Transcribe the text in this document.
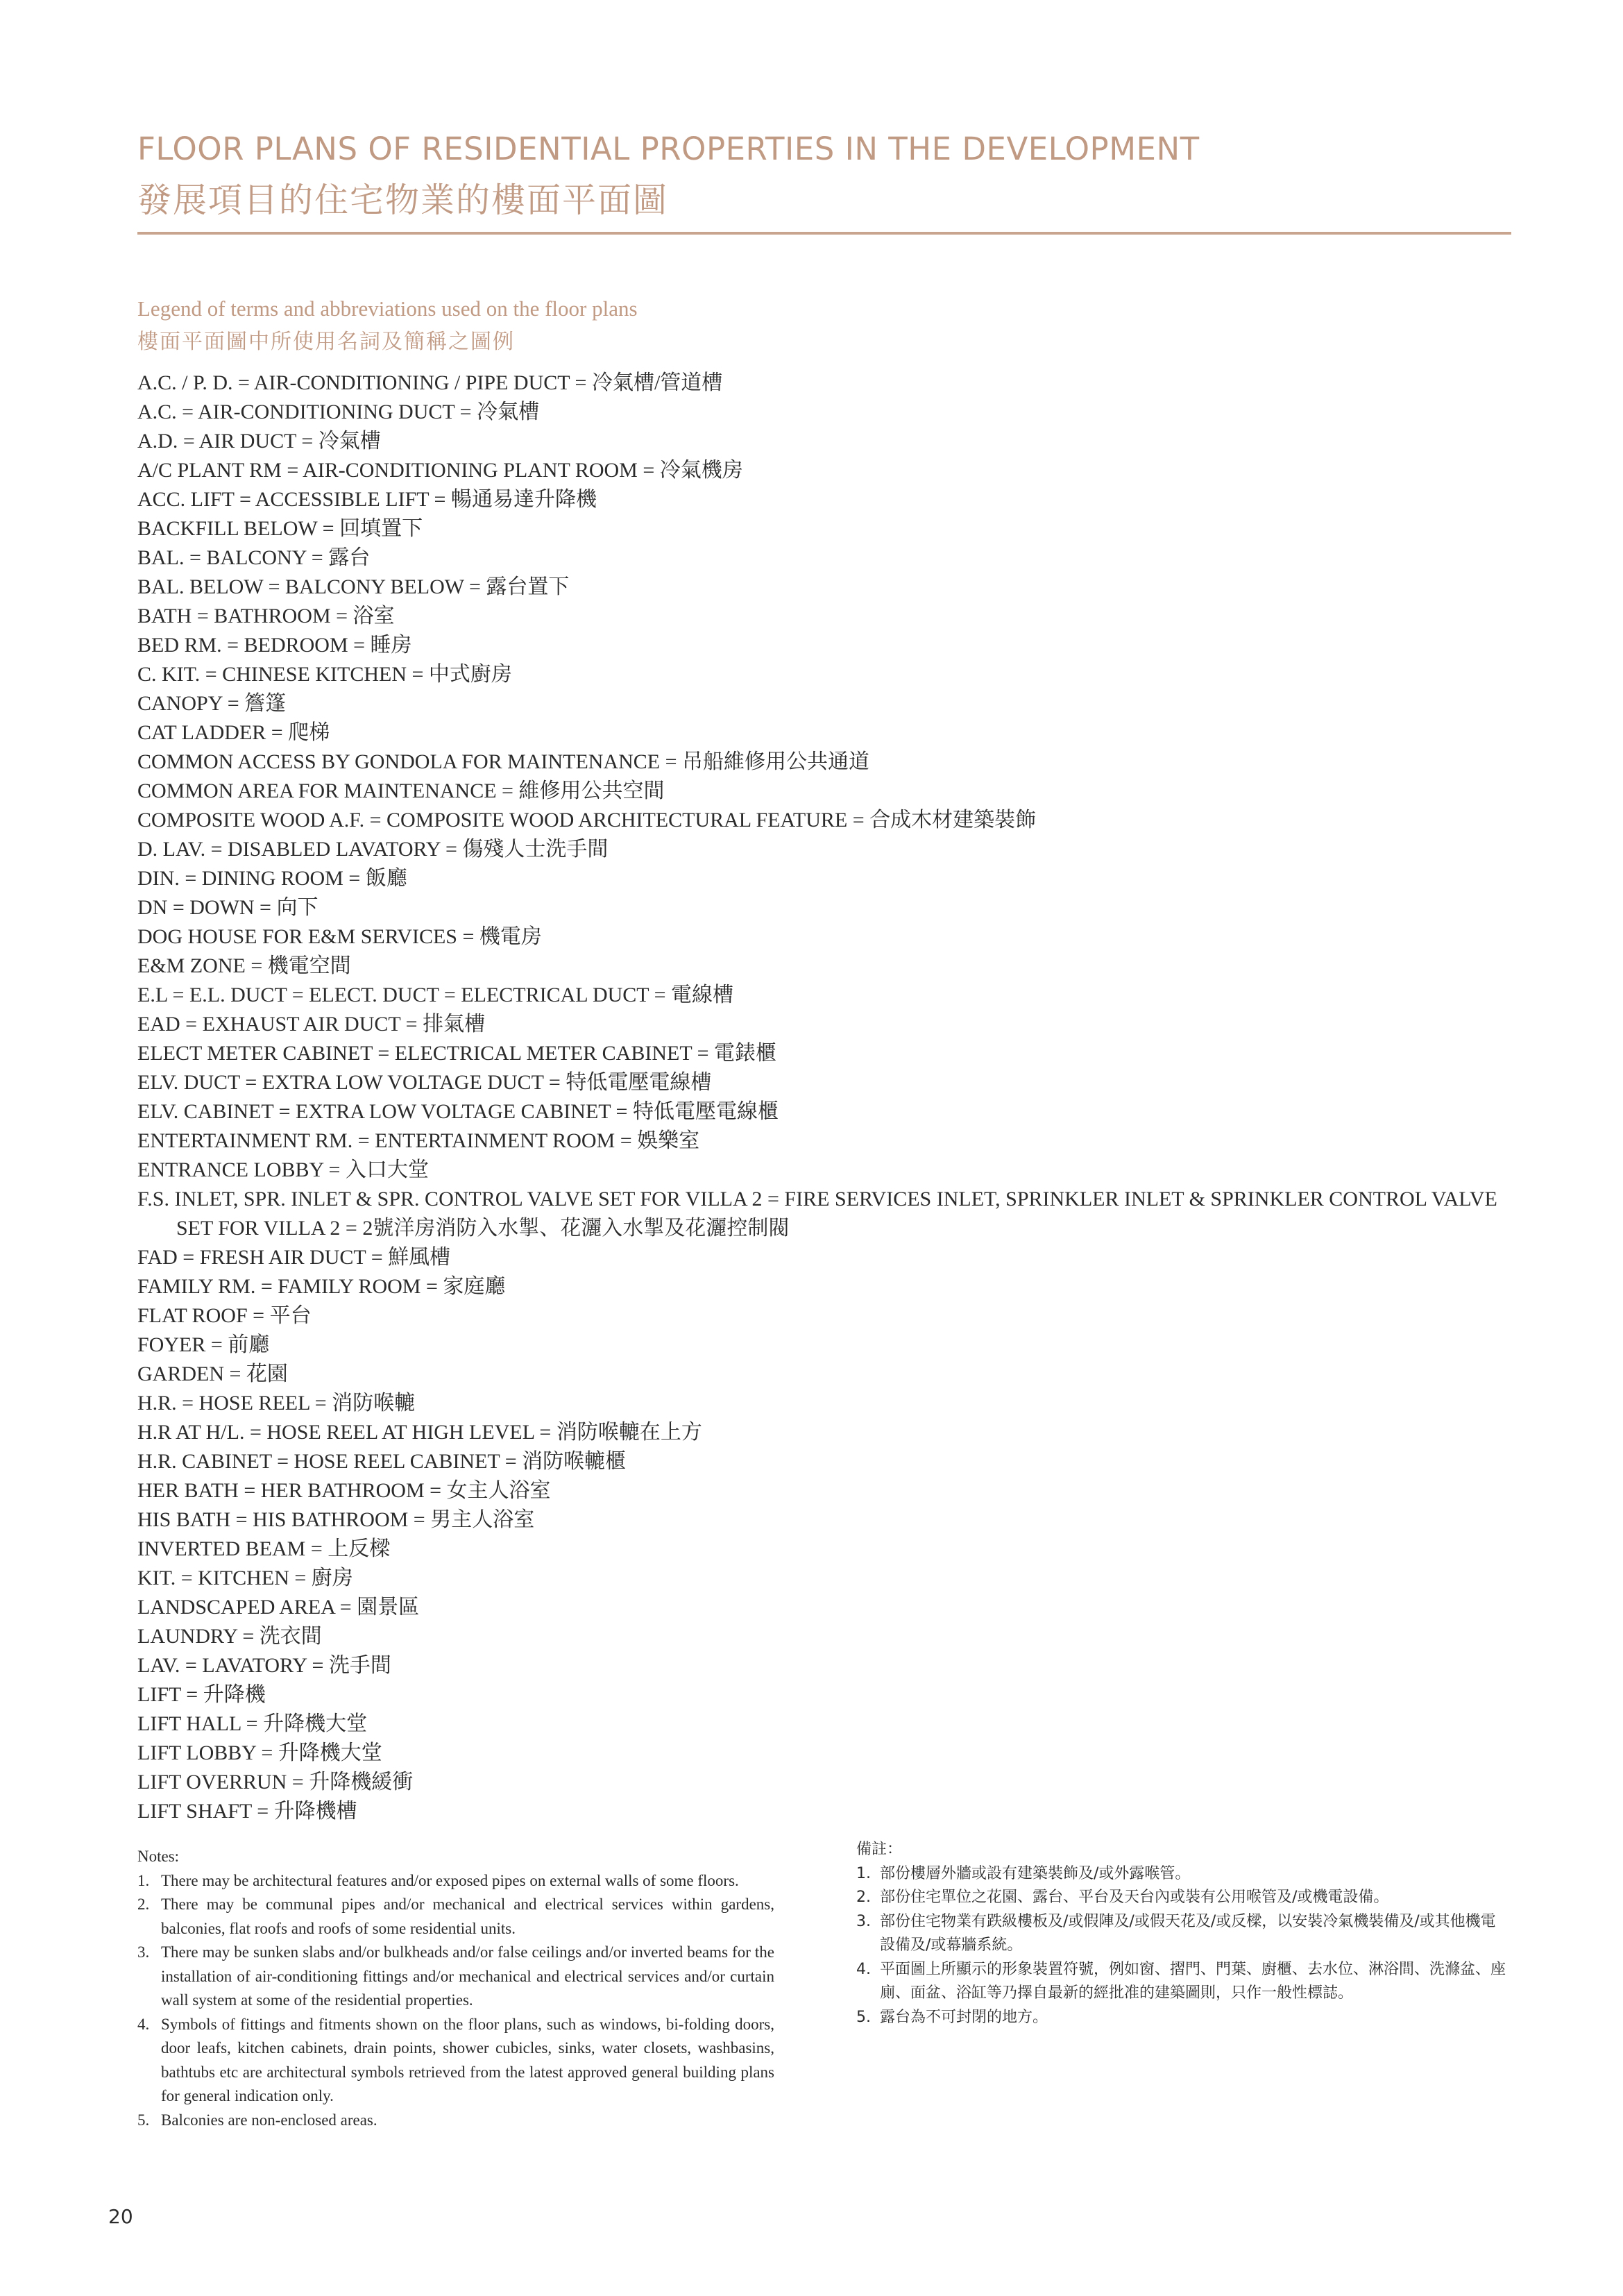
FLOOR PLANS OF RESIDENTIAL PROPERTIES IN THE DEVELOPMENT
發展項目的住宅物業的樓面平面圖
Legend of terms and abbreviations used on the floor plans
樓面平面圖中所使用名詞及簡稱之圖例
A.C. / P. D. = AIR-CONDITIONING / PIPE DUCT = 冷氣槽/管道槽
A.C. = AIR-CONDITIONING DUCT = 冷氣槽
A.D. = AIR DUCT = 冷氣槽
A/C PLANT RM = AIR-CONDITIONING PLANT ROOM = 冷氣機房
ACC. LIFT = ACCESSIBLE LIFT = 暢通易達升降機
BACKFILL BELOW = 回填置下
BAL. = BALCONY = 露台
BAL. BELOW = BALCONY BELOW = 露台置下
BATH = BATHROOM = 浴室
BED RM. = BEDROOM = 睡房
C. KIT. = CHINESE KITCHEN = 中式廚房
CANOPY = 簷篷
CAT LADDER = 爬梯
COMMON ACCESS BY GONDOLA FOR MAINTENANCE = 吊船維修用公共通道
COMMON AREA FOR MAINTENANCE = 維修用公共空間
COMPOSITE WOOD A.F. = COMPOSITE WOOD ARCHITECTURAL FEATURE = 合成木材建築裝飾
D. LAV. = DISABLED LAVATORY = 傷殘人士洗手間
DIN. = DINING ROOM = 飯廳
DN = DOWN = 向下
DOG HOUSE FOR E&M SERVICES = 機電房
E&M ZONE = 機電空間
E.L = E.L. DUCT = ELECT. DUCT = ELECTRICAL DUCT = 電線槽
EAD = EXHAUST AIR DUCT = 排氣槽
ELECT METER CABINET = ELECTRICAL METER CABINET = 電錶櫃
ELV. DUCT = EXTRA LOW VOLTAGE DUCT = 特低電壓電線槽
ELV. CABINET = EXTRA LOW VOLTAGE CABINET = 特低電壓電線櫃
ENTERTAINMENT RM. = ENTERTAINMENT ROOM = 娛樂室
ENTRANCE LOBBY = 入口大堂
F.S. INLET, SPR. INLET & SPR. CONTROL VALVE SET FOR VILLA 2 = FIRE SERVICES INLET, SPRINKLER INLET & SPRINKLER CONTROL VALVE SET FOR VILLA 2 = 2號洋房消防入水掣、花灑入水掣及花灑控制閥
FAD = FRESH AIR DUCT = 鮮風槽
FAMILY RM. = FAMILY ROOM = 家庭廳
FLAT ROOF = 平台
FOYER = 前廳
GARDEN = 花園
H.R. = HOSE REEL = 消防喉轆
H.R AT H/L. = HOSE REEL AT HIGH LEVEL = 消防喉轆在上方
H.R. CABINET = HOSE REEL CABINET = 消防喉轆櫃
HER BATH = HER BATHROOM = 女主人浴室
HIS BATH = HIS BATHROOM = 男主人浴室
INVERTED BEAM = 上反樑
KIT. = KITCHEN = 廚房
LANDSCAPED AREA = 園景區
LAUNDRY = 洗衣間
LAV. = LAVATORY = 洗手間
LIFT = 升降機
LIFT HALL = 升降機大堂
LIFT LOBBY = 升降機大堂
LIFT OVERRUN = 升降機緩衝
LIFT SHAFT = 升降機槽

Notes:

1. There may be architectural features and/or exposed pipes on external walls of some floors.
2. There may be communal pipes and/or mechanical and electrical services within gardens, balconies, flat roofs and roofs of some residential units.
3. There may be sunken slabs and/or bulkheads and/or false ceilings and/or inverted beams for the installation of air-conditioning fittings and/or mechanical and electrical services and/or curtain wall system at some of the residential properties.
4. Symbols of fittings and fitments shown on the floor plans, such as windows, bi-folding doors, door leafs, kitchen cabinets, drain points, shower cubicles, sinks, water closets, washbasins, bathtubs etc are architectural symbols retrieved from the latest approved general building plans for general indication only.
5. Balconies are non-enclosed areas.

備註：

1. 部份樓層外牆或設有建築裝飾及/或外露喉管。
2. 部份住宅單位之花園、露台、平台及天台內或裝有公用喉管及/或機電設備。
3. 部份住宅物業有跌級樓板及/或假陣及/或假天花及/或反樑，以安裝冷氣機裝備及/或其他機電設備及/或幕牆系統。
4. 平面圖上所顯示的形象裝置符號，例如窗、摺門、門葉、廚櫃、去水位、淋浴間、洗滌盆、座廁、面盆、浴缸等乃擇自最新的經批准的建築圖則，只作一般性標誌。
5. 露台為不可封閉的地方。
20
